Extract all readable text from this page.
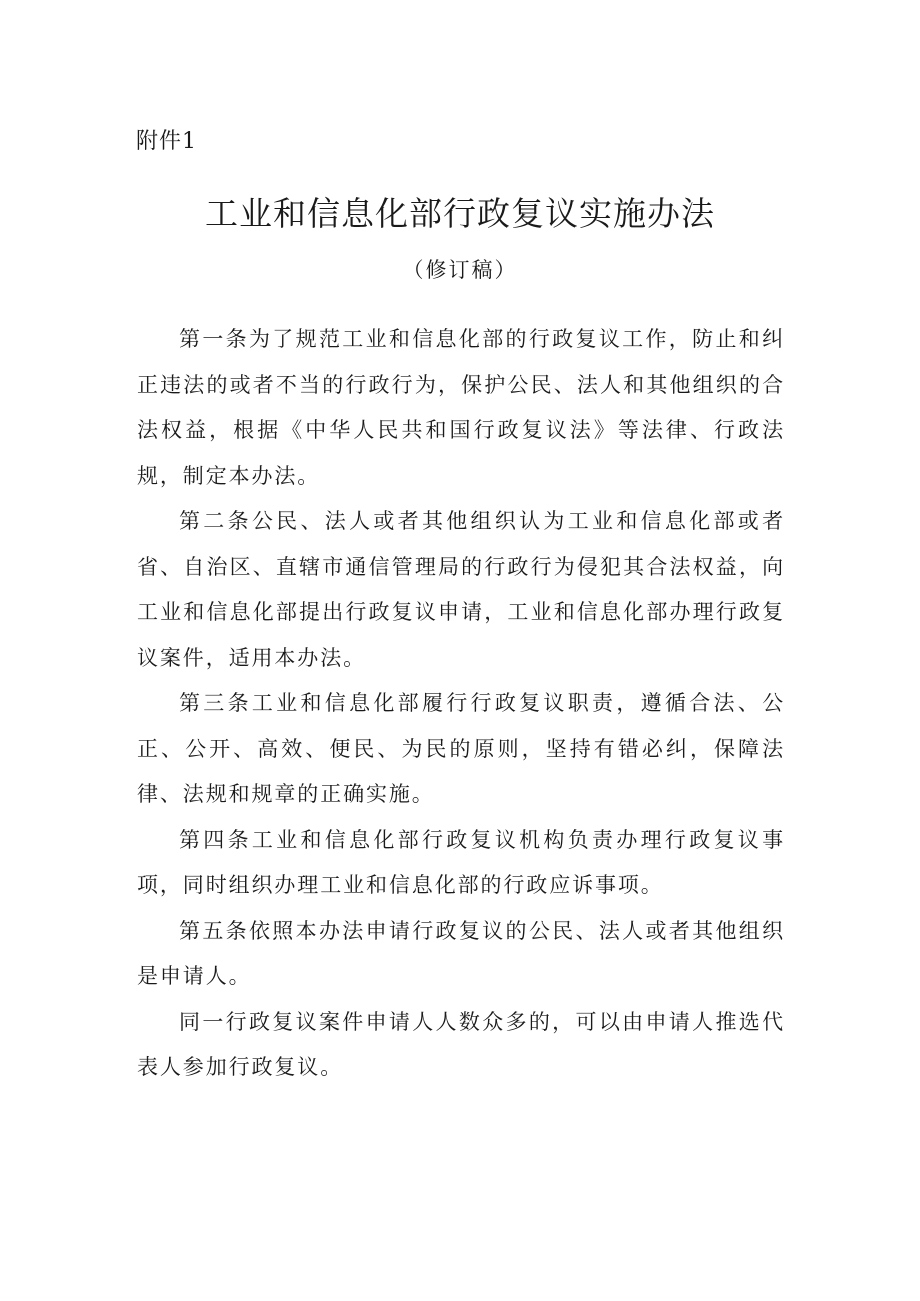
附件1
工业和信息化部行政复议实施办法
（修订稿）

第一条为了规范工业和信息化部的行政复议工作，防止和纠正违法的或者不当的行政行为，保护公民、法人和其他组织的合法权益，根据《中华人民共和国行政复议法》等法律、行政法规，制定本办法。

第二条公民、法人或者其他组织认为工业和信息化部或者省、自治区、直辖市通信管理局的行政行为侵犯其合法权益，向工业和信息化部提出行政复议申请，工业和信息化部办理行政复议案件，适用本办法。

第三条工业和信息化部履行行政复议职责，遵循合法、公正、公开、高效、便民、为民的原则，坚持有错必纠，保障法律、法规和规章的正确实施。

第四条工业和信息化部行政复议机构负责办理行政复议事项，同时组织办理工业和信息化部的行政应诉事项。

第五条依照本办法申请行政复议的公民、法人或者其他组织是申请人。

同一行政复议案件申请人人数众多的，可以由申请人推选代表人参加行政复议。
